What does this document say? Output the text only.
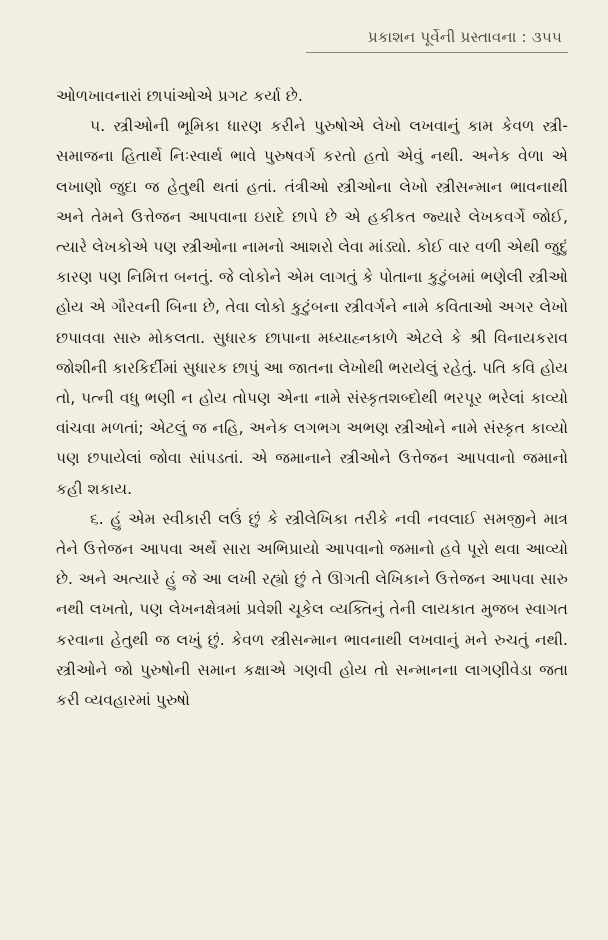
પ્રકાશન પૂર્વેની પ્રસ્તાવના : ૩૫૫

ઓળખાવનારાં છાપાંઓએ પ્રગટ કર્યા છે.

૫. સ્ત્રીઓની ભૂમિકા ધારણ કરીને પુરુષોએ લેખો લખવાનું કામ કેવળ સ્ત્રી-સમાજના હિતાર્થે નિઃસ્વાર્થ ભાવે પુરુષવર્ગ કરતો હતો એવું નથી. અનેક વેળા એ લખાણો જુદા જ હેતુથી થતાં હતાં. તંત્રીઓ સ્ત્રીઓના લેખો સ્ત્રીસન્માન ભાવનાથી અને તેમને ઉત્તેજન આપવાના ઇરાદે છાપે છે એ હકીકત જ્યારે લેખકવર્ગે જોઈ, ત્યારે લેખકોએ પણ સ્ત્રીઓના નામનો આશરો લેવા માંડ્યો. કોઈ વાર વળી એથી જુદું કારણ પણ નિમિત્ત બનતું. જે લોકોને એમ લાગતું કે પોતાના કુટુંબમાં ભણેલી સ્ત્રીઓ હોય એ ગૌરવની બિના છે, તેવા લોકો કુટુંબના સ્ત્રીવર્ગને નામે કવિતાઓ અગર લેખો છપાવવા સારુ મોકલતા. સુધારક છાપાના મધ્યાહ્નકાળે એટલે કે શ્રી વિનાયકરાવ જોશીની કારકિર્દીમાં સુધારક છાપું આ જાતના લેખોથી ભરાયેલું રહેતું. પતિ કવિ હોય તો, પત્ની વધુ ભણી ન હોય તોપણ એના નામે સંસ્કૃતશબ્દોથી ભરપૂર ભરેલાં કાવ્યો વાંચવા મળતાં; એટલું જ નહિ, અનેક લગભગ અભણ સ્ત્રીઓને નામે સંસ્કૃત કાવ્યો પણ છપાયેલાં જોવા સાંપડતાં. એ જમાનાને સ્ત્રીઓને ઉત્તેજન આપવાનો જમાનો કહી શકાય.

૬. હું એમ સ્વીકારી લઉં છું કે સ્ત્રીલેખિકા તરીકે નવી નવલાઈ સમજીને માત્ર તેને ઉત્તેજન આપવા અર્થે સારા અભિપ્રાયો આપવાનો જમાનો હવે પૂરો થવા આવ્યો છે. અને અત્યારે હું જે આ લખી રહ્યો છું તે ઊગતી લેખિકાને ઉત્તેજન આપવા સારુ નથી લખતો, પણ લેખનક્ષેત્રમાં પ્રવેશી ચૂકેલ વ્યક્તિનું તેની લાયકાત મુજબ સ્વાગત કરવાના હેતુથી જ લખું છું. કેવળ સ્ત્રીસન્માન ભાવનાથી લખવાનું મને રુચતું નથી. સ્ત્રીઓને જો પુરુષોની સમાન કક્ષાએ ગણવી હોય તો સન્માનના લાગણીવેડા જતા કરી વ્યવહારમાં પુરુષો
